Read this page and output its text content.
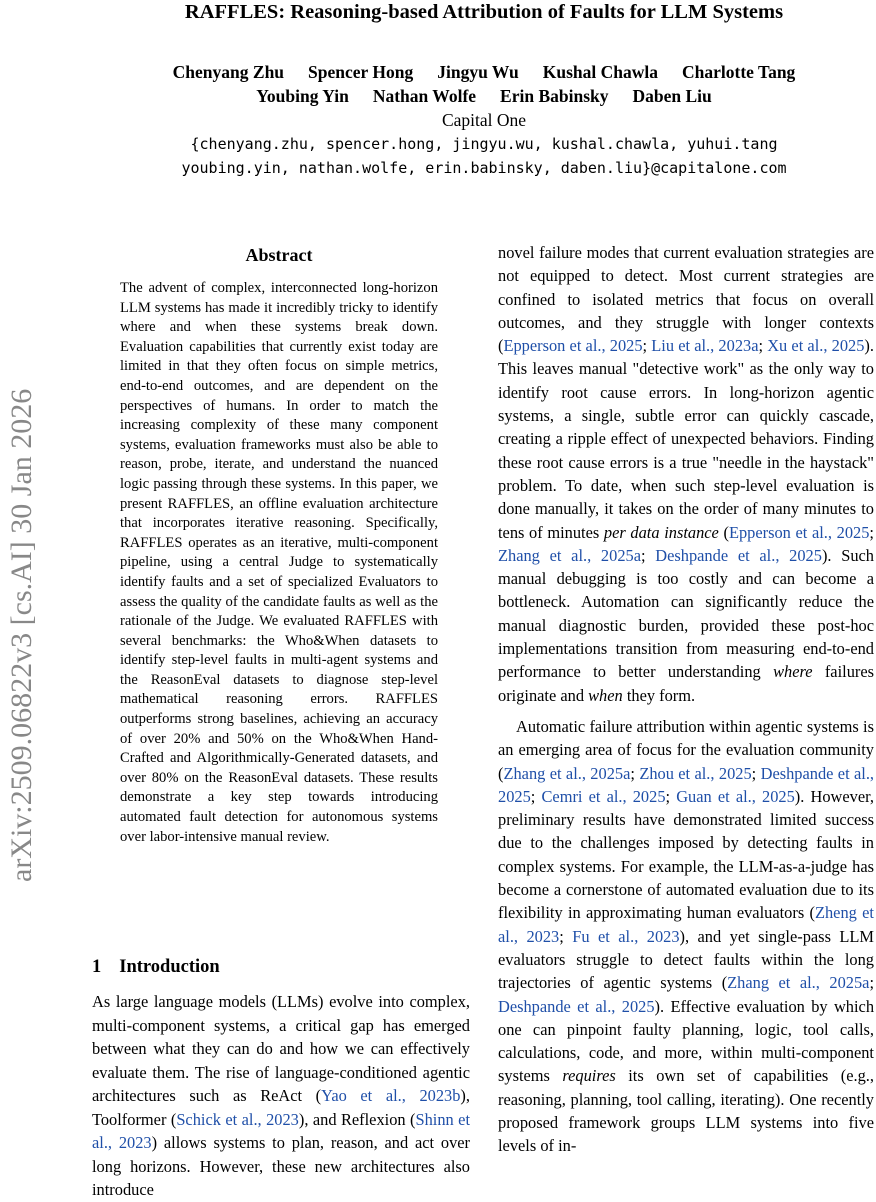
arXiv:2509.06822v3 [cs.AI] 30 Jan 2026
RAFFLES: Reasoning-based Attribution of Faults for LLM Systems
Chenyang Zhu Spencer Hong Jingyu Wu Kushal Chawla Charlotte Tang
Youbing Yin Nathan Wolfe Erin Babinsky Daben Liu
Capital One
{chenyang.zhu, spencer.hong, jingyu.wu, kushal.chawla, yuhui.tang
youbing.yin, nathan.wolfe, erin.babinsky, daben.liu}@capitalone.com
Abstract

The advent of complex, interconnected long-horizon LLM systems has made it incredibly tricky to identify where and when these systems break down. Evaluation capabilities that currently exist today are limited in that they often focus on simple metrics, end-to-end outcomes, and are dependent on the perspectives of humans. In order to match the increasing complexity of these many component systems, evaluation frameworks must also be able to reason, probe, iterate, and understand the nuanced logic passing through these systems. In this paper, we present RAFFLES, an offline evaluation architecture that incorporates iterative reasoning. Specifically, RAFFLES operates as an iterative, multi-component pipeline, using a central Judge to systematically identify faults and a set of specialized Evaluators to assess the quality of the candidate faults as well as the rationale of the Judge. We evaluated RAFFLES with several benchmarks: the Who&When datasets to identify step-level faults in multi-agent systems and the ReasonEval datasets to diagnose step-level mathematical reasoning errors. RAFFLES outperforms strong baselines, achieving an accuracy of over 20% and 50% on the Who&When Hand-Crafted and Algorithmically-Generated datasets, and over 80% on the ReasonEval datasets. These results demonstrate a key step towards introducing automated fault detection for autonomous systems over labor-intensive manual review.

1 Introduction

As large language models (LLMs) evolve into complex, multi-component systems, a critical gap has emerged between what they can do and how we can effectively evaluate them. The rise of language-conditioned agentic architectures such as ReAct (Yao et al., 2023b), Toolformer (Schick et al., 2023), and Reflexion (Shinn et al., 2023) allows systems to plan, reason, and act over long horizons. However, these new architectures also introduce

novel failure modes that current evaluation strategies are not equipped to detect. Most current strategies are confined to isolated metrics that focus on overall outcomes, and they struggle with longer contexts (Epperson et al., 2025; Liu et al., 2023a; Xu et al., 2025). This leaves manual "detective work" as the only way to identify root cause errors. In long-horizon agentic systems, a single, subtle error can quickly cascade, creating a ripple effect of unexpected behaviors. Finding these root cause errors is a true "needle in the haystack" problem. To date, when such step-level evaluation is done manually, it takes on the order of many minutes to tens of minutes per data instance (Epperson et al., 2025; Zhang et al., 2025a; Deshpande et al., 2025). Such manual debugging is too costly and can become a bottleneck. Automation can significantly reduce the manual diagnostic burden, provided these post-hoc implementations transition from measuring end-to-end performance to better understanding where failures originate and when they form.

Automatic failure attribution within agentic systems is an emerging area of focus for the evaluation community (Zhang et al., 2025a; Zhou et al., 2025; Deshpande et al., 2025; Cemri et al., 2025; Guan et al., 2025). However, preliminary results have demonstrated limited success due to the challenges imposed by detecting faults in complex systems. For example, the LLM-as-a-judge has become a cornerstone of automated evaluation due to its flexibility in approximating human evaluators (Zheng et al., 2023; Fu et al., 2023), and yet single-pass LLM evaluators struggle to detect faults within the long trajectories of agentic systems (Zhang et al., 2025a; Deshpande et al., 2025). Effective evaluation by which one can pinpoint faulty planning, logic, tool calls, calculations, code, and more, within multi-component systems requires its own set of capabilities (e.g., reasoning, planning, tool calling, iterating). One recently proposed framework groups LLM systems into five levels of in-
